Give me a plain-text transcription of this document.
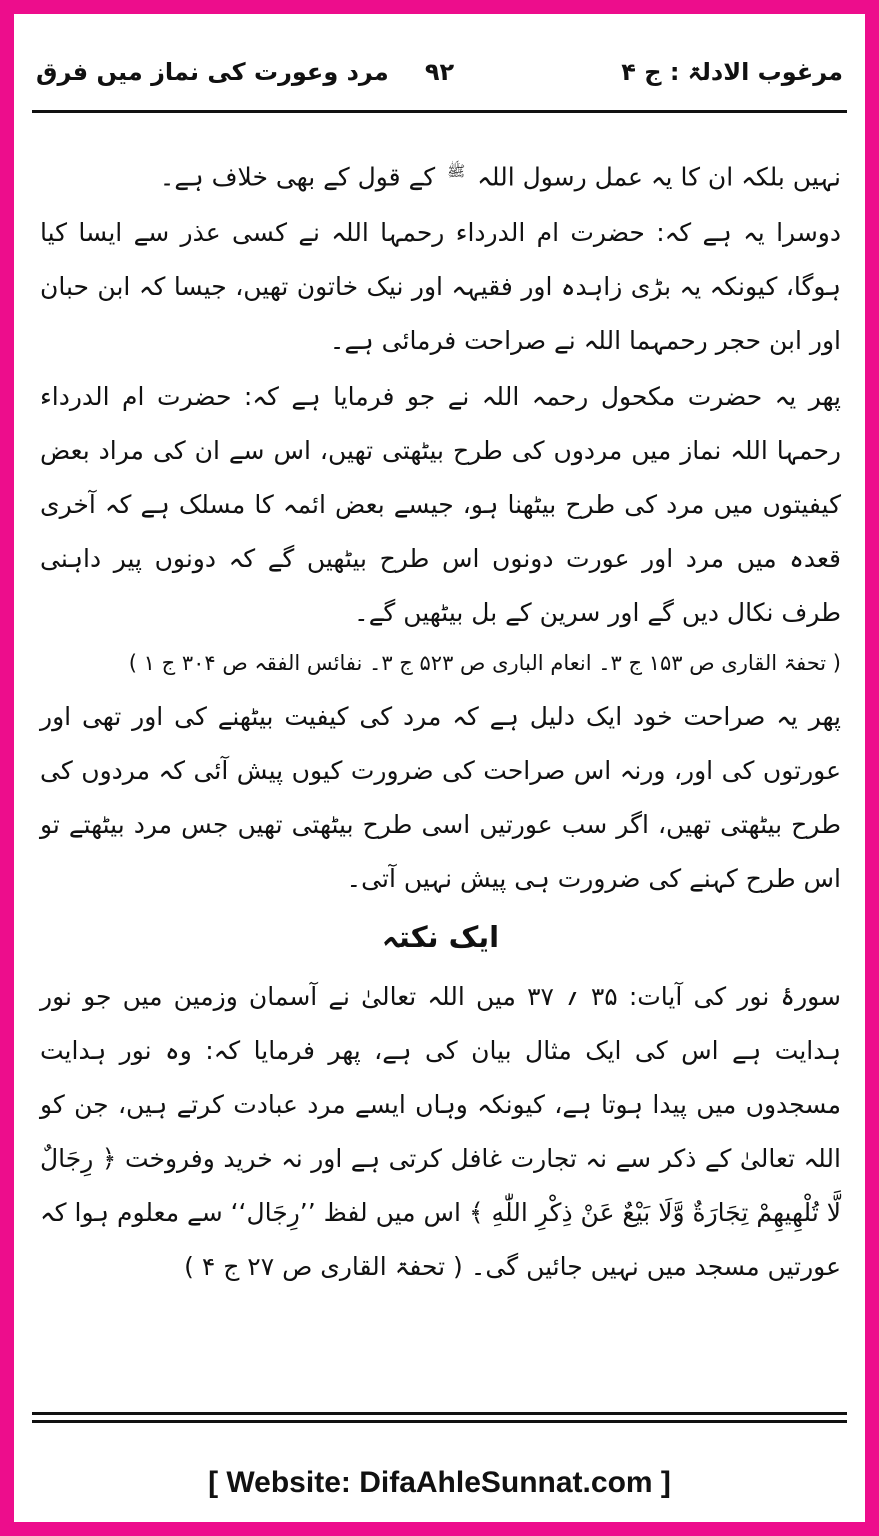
مرغوب الادلۃ : ج ۴
۹۲
مرد وعورت کی نماز میں فرق

نہیں بلکہ ان کا یہ عمل رسول اللہ $^ﷺ$ کے قول کے بھی خلاف ہے۔

دوسرا یہ ہے کہ: حضرت ام الدرداء رحمہا اللہ نے کسی عذر سے ایسا کیا ہوگا، کیونکہ یہ بڑی زاہدہ اور فقیہہ اور نیک خاتون تھیں، جیسا کہ ابن حبان اور ابن حجر رحمہما اللہ نے صراحت فرمائی ہے۔

پھر یہ حضرت مکحول رحمہ اللہ نے جو فرمایا ہے کہ: حضرت ام الدرداء رحمہا اللہ نماز میں مردوں کی طرح بیٹھتی تھیں، اس سے ان کی مراد بعض کیفیتوں میں مرد کی طرح بیٹھنا ہو، جیسے بعض ائمہ کا مسلک ہے کہ آخری قعدہ میں مرد اور عورت دونوں اس طرح بیٹھیں گے کہ دونوں پیر داہنی طرف نکال دیں گے اور سرین کے بل بیٹھیں گے۔

( تحفۃ القاری ص ۱۵۳ ج ۳۔ انعام الباری ص ۵۲۳ ج ۳۔ نفائس الفقہ ص ۳۰۴ ج ۱ )

پھر یہ صراحت خود ایک دلیل ہے کہ مرد کی کیفیت بیٹھنے کی اور تھی اور عورتوں کی اور، ورنہ اس صراحت کی ضرورت کیوں پیش آئی کہ مردوں کی طرح بیٹھتی تھیں، اگر سب عورتیں اسی طرح بیٹھتی تھیں جس مرد بیٹھتے تو اس طرح کہنے کی ضرورت ہی پیش نہیں آتی۔

ایک نکتہ

سورۂ نور کی آیات: ۳۵ ؍ ۳۷ میں اللہ تعالیٰ نے آسمان وزمین میں جو نور ہدایت ہے اس کی ایک مثال بیان کی ہے، پھر فرمایا کہ: وہ نور ہدایت مسجدوں میں پیدا ہوتا ہے، کیونکہ وہاں ایسے مرد عبادت کرتے ہیں، جن کو اللہ تعالیٰ کے ذکر سے نہ تجارت غافل کرتی ہے اور نہ خرید وفروخت ﴿ رِجَالٌ لَّا تُلْهِيهِمْ تِجَارَةٌ وَّلَا بَيْعٌ عَنْ ذِكْرِ اللّٰهِ ﴾ اس میں لفظ ’’رِجَال‘‘ سے معلوم ہوا کہ عورتیں مسجد میں نہیں جائیں گی۔ ( تحفۃ القاری ص ۲۷ ج ۴ )

[ Website: DifaAhleSunnat.com ]
